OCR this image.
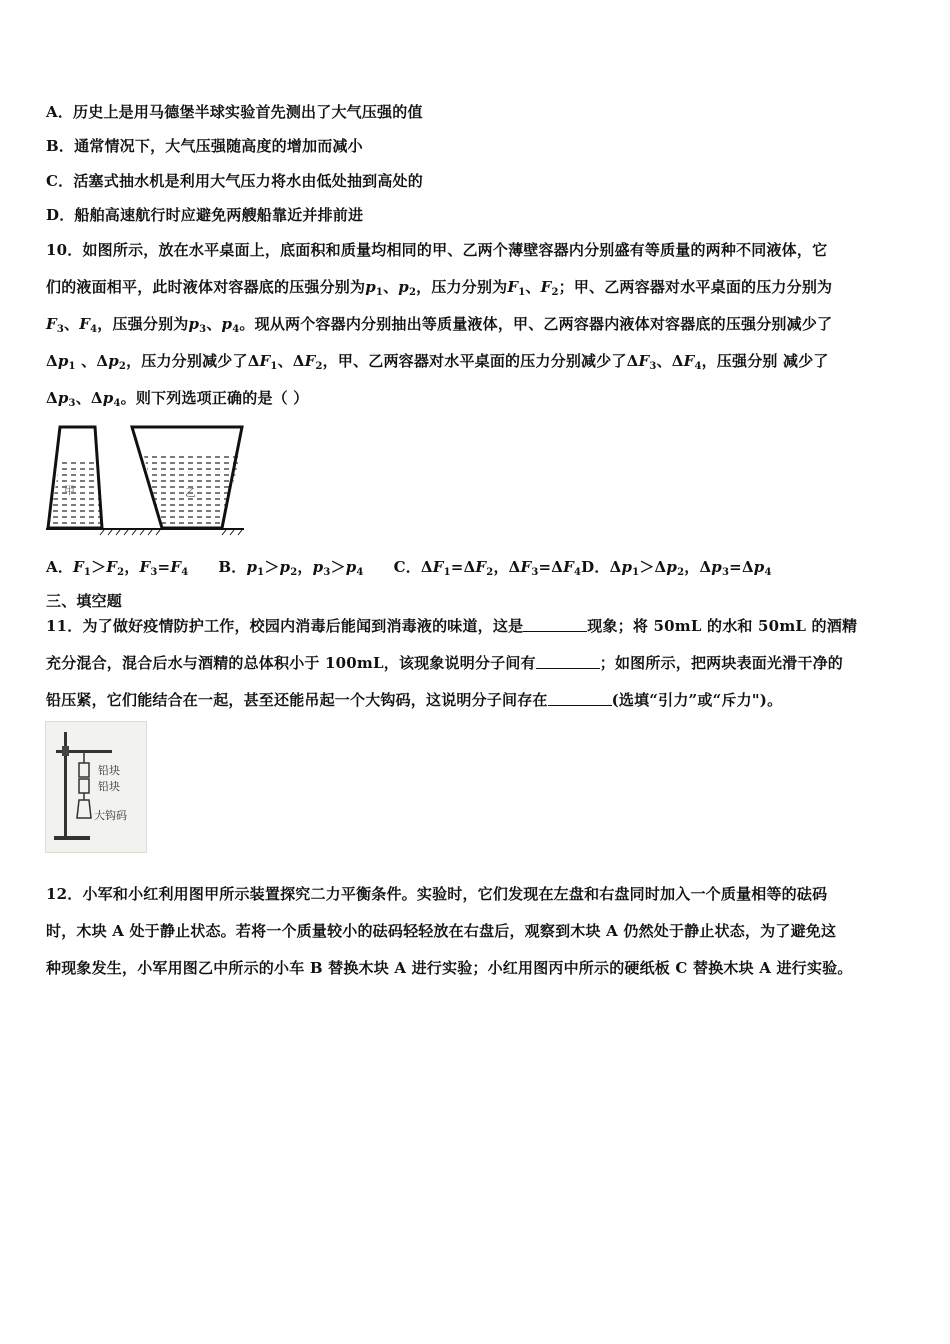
A．历史上是用马德堡半球实验首先测出了大气压强的值
B．通常情况下，大气压强随高度的增加而减小
C．活塞式抽水机是利用大气压力将水由低处抽到高处的
D．船舶高速航行时应避免两艘船靠近并排前进
10．如图所示，放在水平桌面上，底面积和质量均相同的甲、乙两个薄壁容器内分别盛有等质量的两种不同液体，它
们的液面相平，此时液体对容器底的压强分别为$p_1$、$p_2$，压力分别为$F_1$、$F_2$；甲、乙两容器对水平桌面的压力分别为
$F_3$、$F_4$，压强分别为$p_3$、$p_4$。现从两个容器内分别抽出等质量液体，甲、乙两容器内液体对容器底的压强分别减少了
$\Delta p_1$ 、$\Delta p_2$，压力分别减少了$\Delta F_1$、$\Delta F_2$，甲、乙两容器对水平桌面的压力分别减少了$\Delta F_3$、$\Delta F_4$，压强分别 减少了
$\Delta p_3$、$\Delta p_4$。则下列选项正确的是（ ）
甲	乙
A．$F_1>F_2$，$F_3=F_4$ B．$p_1>p_2$，$p_3>p_4$ C．$\Delta F_1=\Delta F_2$，$\Delta F_3=\Delta F_4D$．$\Delta p_1>\Delta p_2$，$\Delta p_3=\Delta p_4$
三、填空题
11．为了做好疫情防护工作，校园内消毒后能闻到消毒液的味道，这是	现象；将 50mL 的水和 50mL 的酒精
充分混合，混合后水与酒精的总体积小于 100mL，该现象说明分子间有	；如图所示，把两块表面光滑干净的
铅压紧，它们能结合在一起，甚至还能吊起一个大钩码，这说明分子间存在	(选填“引力”或“斥力")。
铅块
铅块
大钩码
12．小军和小红利用图甲所示装置探究二力平衡条件。实验时，它们发现在左盘和右盘同时加入一个质量相等的砝码
时，木块 A 处于静止状态。若将一个质量较小的砝码轻轻放在右盘后，观察到木块 A 仍然处于静止状态，为了避免这
种现象发生，小军用图乙中所示的小车 B 替换木块 A 进行实验；小红用图丙中所示的硬纸板 C 替换木块 A 进行实验。
